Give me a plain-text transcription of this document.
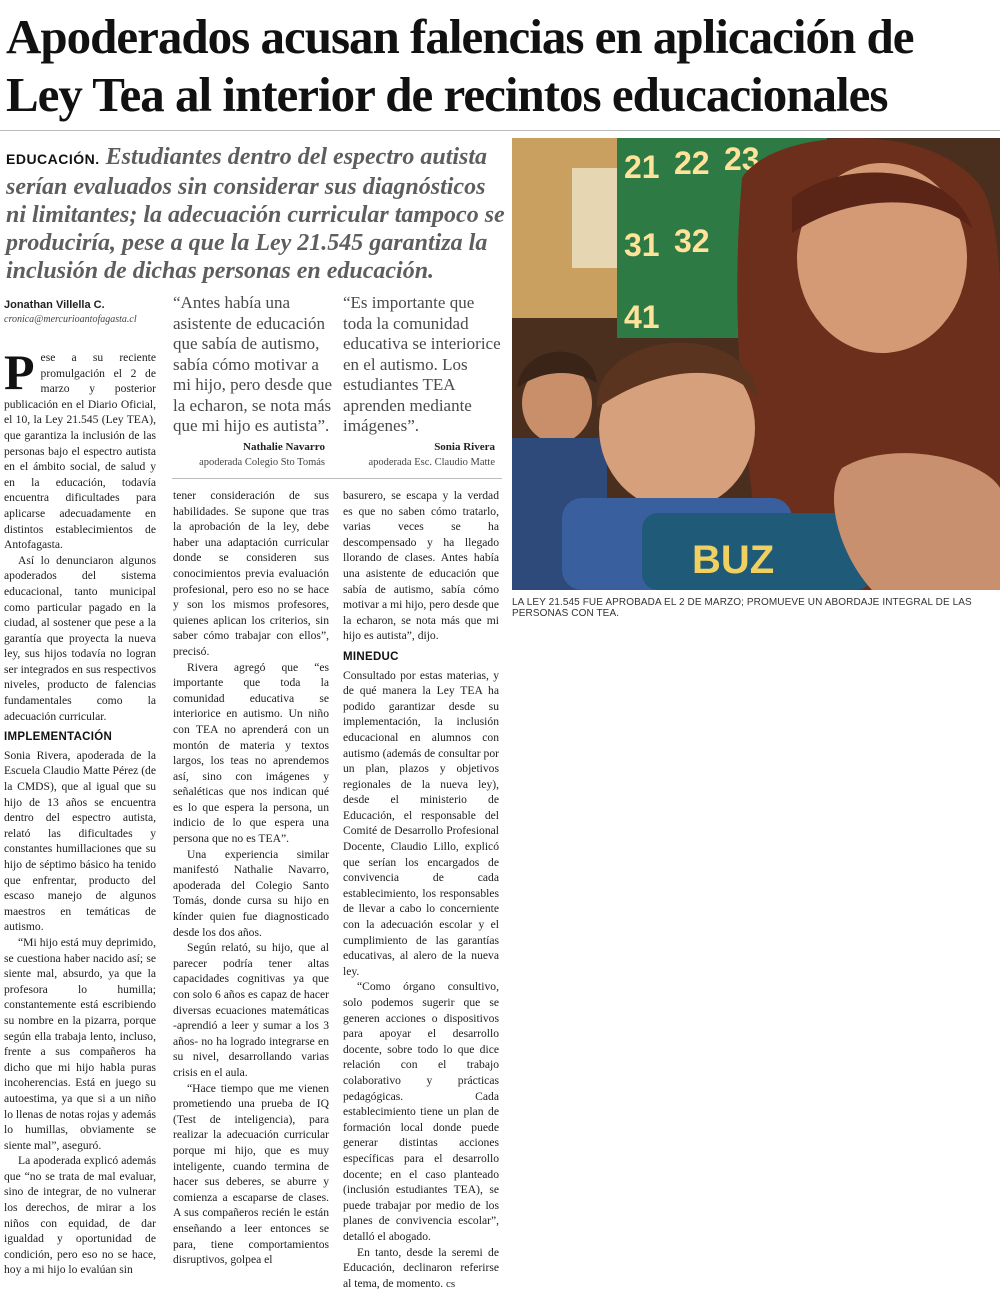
Apoderados acusan falencias en aplicación de Ley Tea al interior de recintos educacionales
EDUCACIÓN. Estudiantes dentro del espectro autista serían evaluados sin considerar sus diagnósticos ni limitantes; la adecuación curricular tampoco se produciría, pese a que la Ley 21.545 garantiza la inclusión de dichas personas en educación.
Jonathan Villella C.
cronica@mercurioantofagasta.cl
“Antes había una asistente de educación que sabía de autismo, sabía cómo motivar a mi hijo, pero desde que la echaron, se nota más que mi hijo es autista”.
Nathalie Navarro
apoderada Colegio Sto Tomás
“Es importante que toda la comunidad educativa se interiorice en el autismo. Los estudiantes TEA aprenden mediante imágenes”.
Sonia Rivera
apoderada Esc. Claudio Matte

Pese a su reciente promulgación el 2 de marzo y posterior publicación en el Diario Oficial, el 10, la Ley 21.545 (Ley TEA), que garantiza la inclusión de las personas bajo el espectro autista en el ámbito social, de salud y en la educación, todavía encuentra dificultades para aplicarse adecuadamente en distintos establecimientos de Antofagasta.

Así lo denunciaron algunos apoderados del sistema educacional, tanto municipal como particular pagado en la ciudad, al sostener que pese a la garantía que proyecta la nueva ley, sus hijos todavía no logran ser integrados en sus respectivos niveles, producto de falencias fundamentales como la adecuación curricular.

IMPLEMENTACIÓN

Sonia Rivera, apoderada de la Escuela Claudio Matte Pérez (de la CMDS), que al igual que su hijo de 13 años se encuentra dentro del espectro autista, relató las dificultades y constantes humillaciones que su hijo de séptimo básico ha tenido que enfrentar, producto del escaso manejo de algunos maestros en temáticas de autismo.

“Mi hijo está muy deprimido, se cuestiona haber nacido así; se siente mal, absurdo, ya que la profesora lo humilla; constantemente está escribiendo su nombre en la pizarra, porque según ella trabaja lento, incluso, frente a sus compañeros ha dicho que mi hijo habla puras incoherencias. Está en juego su autoestima, ya que si a un niño lo llenas de notas rojas y además lo humillas, obviamente se siente mal”, aseguró.

La apoderada explicó además que “no se trata de mal evaluar, sino de integrar, de no vulnerar los derechos, de mirar a los niños con equidad, de dar igualdad y oportunidad de condición, pero eso no se hace, hoy a mi hijo lo evalúan sin

tener consideración de sus habilidades. Se supone que tras la aprobación de la ley, debe haber una adaptación curricular donde se consideren sus conocimientos previa evaluación profesional, pero eso no se hace y son los mismos profesores, quienes aplican los criterios, sin saber cómo trabajar con ellos”, precisó.

Rivera agregó que “es importante que toda la comunidad educativa se interiorice en autismo. Un niño con TEA no aprenderá con un montón de materia y textos largos, los teas no aprendemos así, sino con imágenes y señaléticas que nos indican qué es lo que espera la persona, un indicio de lo que espera una persona que no es TEA”.

Una experiencia similar manifestó Nathalie Navarro, apoderada del Colegio Santo Tomás, donde cursa su hijo en kínder quien fue diagnosticado desde los dos años.

Según relató, su hijo, que al parecer podría tener altas capacidades cognitivas ya que con solo 6 años es capaz de hacer diversas ecuaciones matemáticas -aprendió a leer y sumar a los 3 años- no ha logrado integrarse en su nivel, desarrollando varias crisis en el aula.

“Hace tiempo que me vienen prometiendo una prueba de IQ (Test de inteligencia), para realizar la adecuación curricular porque mi hijo, que es muy inteligente, cuando termina de hacer sus deberes, se aburre y comienza a escaparse de clases. A sus compañeros recién le están enseñando a leer entonces se para, tiene comportamientos disruptivos, golpea el

basurero, se escapa y la verdad es que no saben cómo tratarlo, varias veces se ha descompensado y ha llegado llorando de clases. Antes había una asistente de educación que sabía de autismo, sabía cómo motivar a mi hijo, pero desde que la echaron, se nota más que mi hijo es autista”, dijo.

MINEDUC

Consultado por estas materias, y de qué manera la Ley TEA ha podido garantizar desde su implementación, la inclusión educacional en alumnos con autismo (además de consultar por un plan, plazos y objetivos regionales de la nueva ley), desde el ministerio de Educación, el responsable del Comité de Desarrollo Profesional Docente, Claudio Lillo, explicó que serían los encargados de convivencia de cada establecimiento, los responsables de llevar a cabo lo concerniente con la adecuación escolar y el cumplimiento de las garantías educativas, al alero de la nueva ley.

“Como órgano consultivo, solo podemos sugerir que se generen acciones o dispositivos para apoyar el desarrollo docente, sobre todo lo que dice relación con el trabajo colaborativo y prácticas pedagógicas. Cada establecimiento tiene un plan de formación local donde puede generar distintas acciones específicas para el desarrollo docente; en el caso planteado (inclusión estudiantes TEA), se puede trabajar por medio de los planes de convivencia escolar”, detalló el abogado.

En tanto, desde la seremi de Educación, declinaron referirse al tema, de momento. cs

21 22 23
31 32
41
BUZ
LA LEY 21.545 FUE APROBADA EL 2 DE MARZO; PROMUEVE UN ABORDAJE INTEGRAL DE LAS PERSONAS CON TEA.
